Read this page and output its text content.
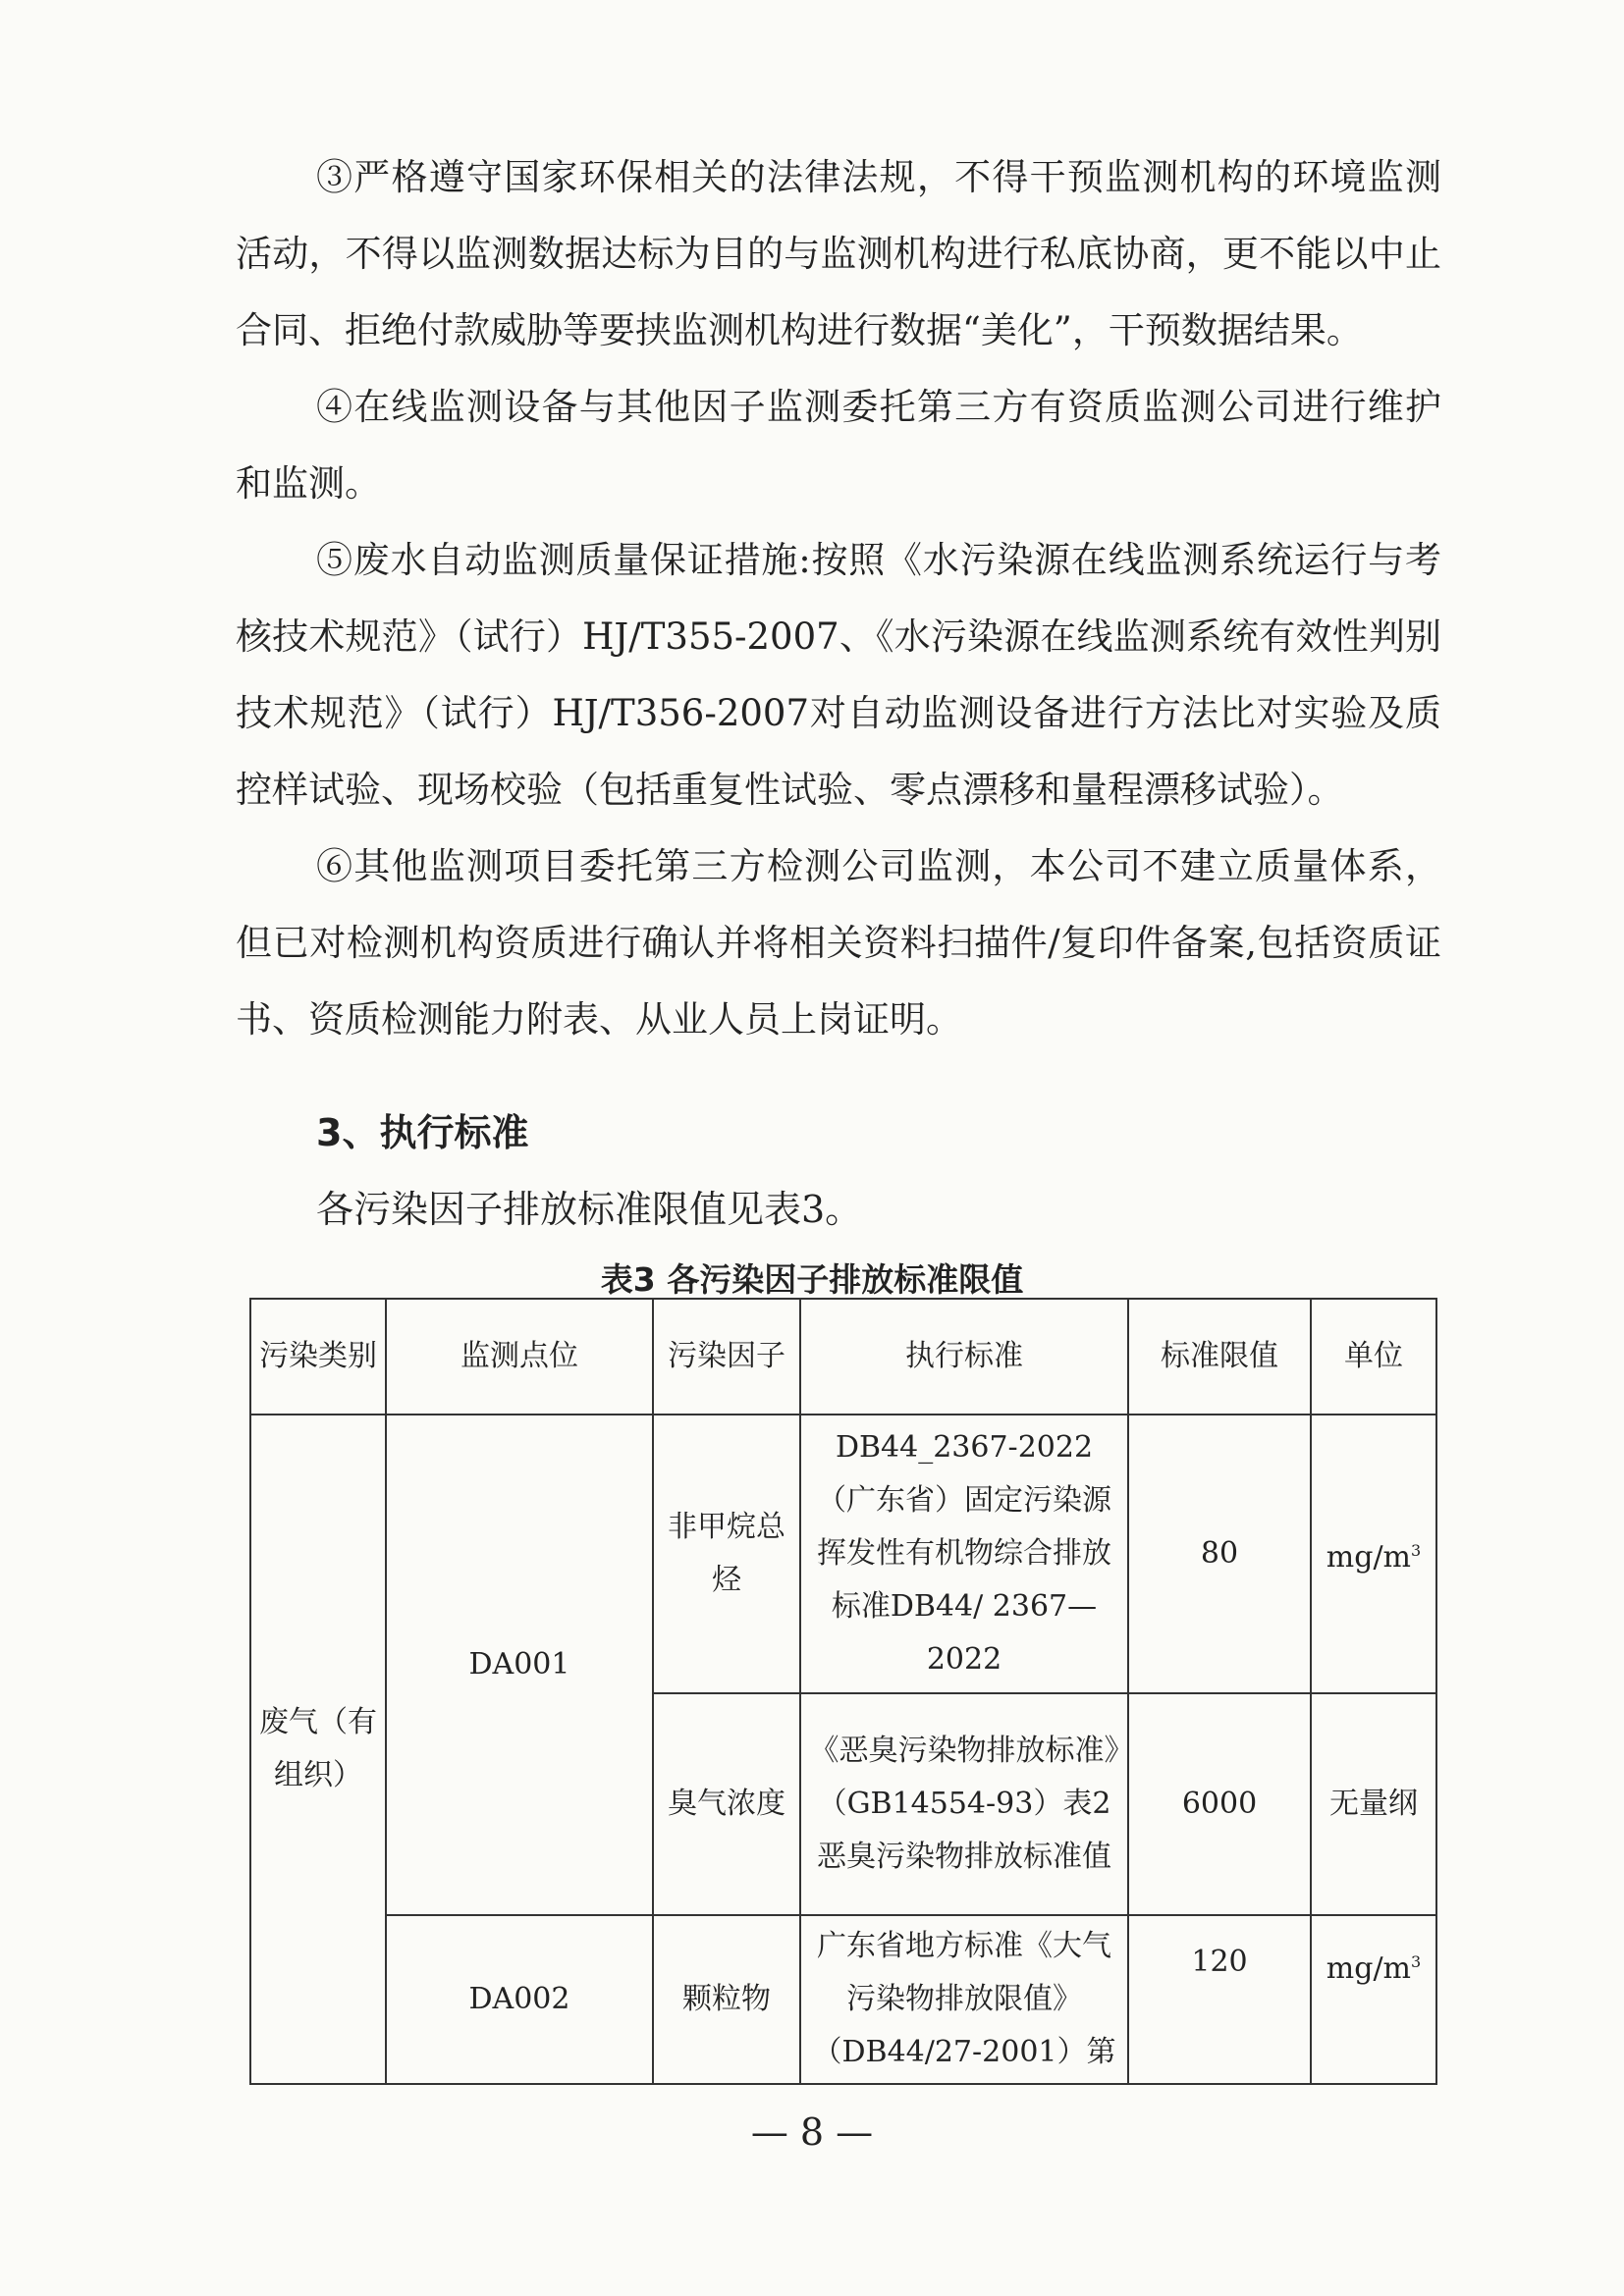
③严格遵守国家环保相关的法律法规，不得干预监测机构的环境监测活动，不得以监测数据达标为目的与监测机构进行私底协商，更不能以中止合同、拒绝付款威胁等要挟监测机构进行数据“美化”，干预数据结果。

④在线监测设备与其他因子监测委托第三方有资质监测公司进行维护和监测。

⑤废水自动监测质量保证措施:按照《水污染源在线监测系统运行与考核技术规范》（试行）HJ/T355-2007、《水污染源在线监测系统有效性判别技术规范》（试行）HJ/T356-2007对自动监测设备进行方法比对实验及质控样试验、现场校验（包括重复性试验、零点漂移和量程漂移试验）。

⑥其他监测项目委托第三方检测公司监测，本公司不建立质量体系，但已对检测机构资质进行确认并将相关资料扫描件/复印件备案,包括资质证书、资质检测能力附表、从业人员上岗证明。

3、执行标准

各污染因子排放标准限值见表3。

表3 各污染因子排放标准限值
污染类别	监测点位	污染因子	执行标准	标准限值	单位
废气（有组织）	DA001	非甲烷总烃	DB44_2367-2022（广东省）固定污染源挥发性有机物综合排放标准DB44/ 2367—2022	80	$mg/m^3$
		臭气浓度	《恶臭污染物排放标准》（GB14554-93）表2 恶臭污染物排放标准值	6000	无量纲
	DA002	颗粒物	广东省地方标准《大气污染物排放限值》（DB44/27-2001）第	120	$mg/m^3$
— 8 —
